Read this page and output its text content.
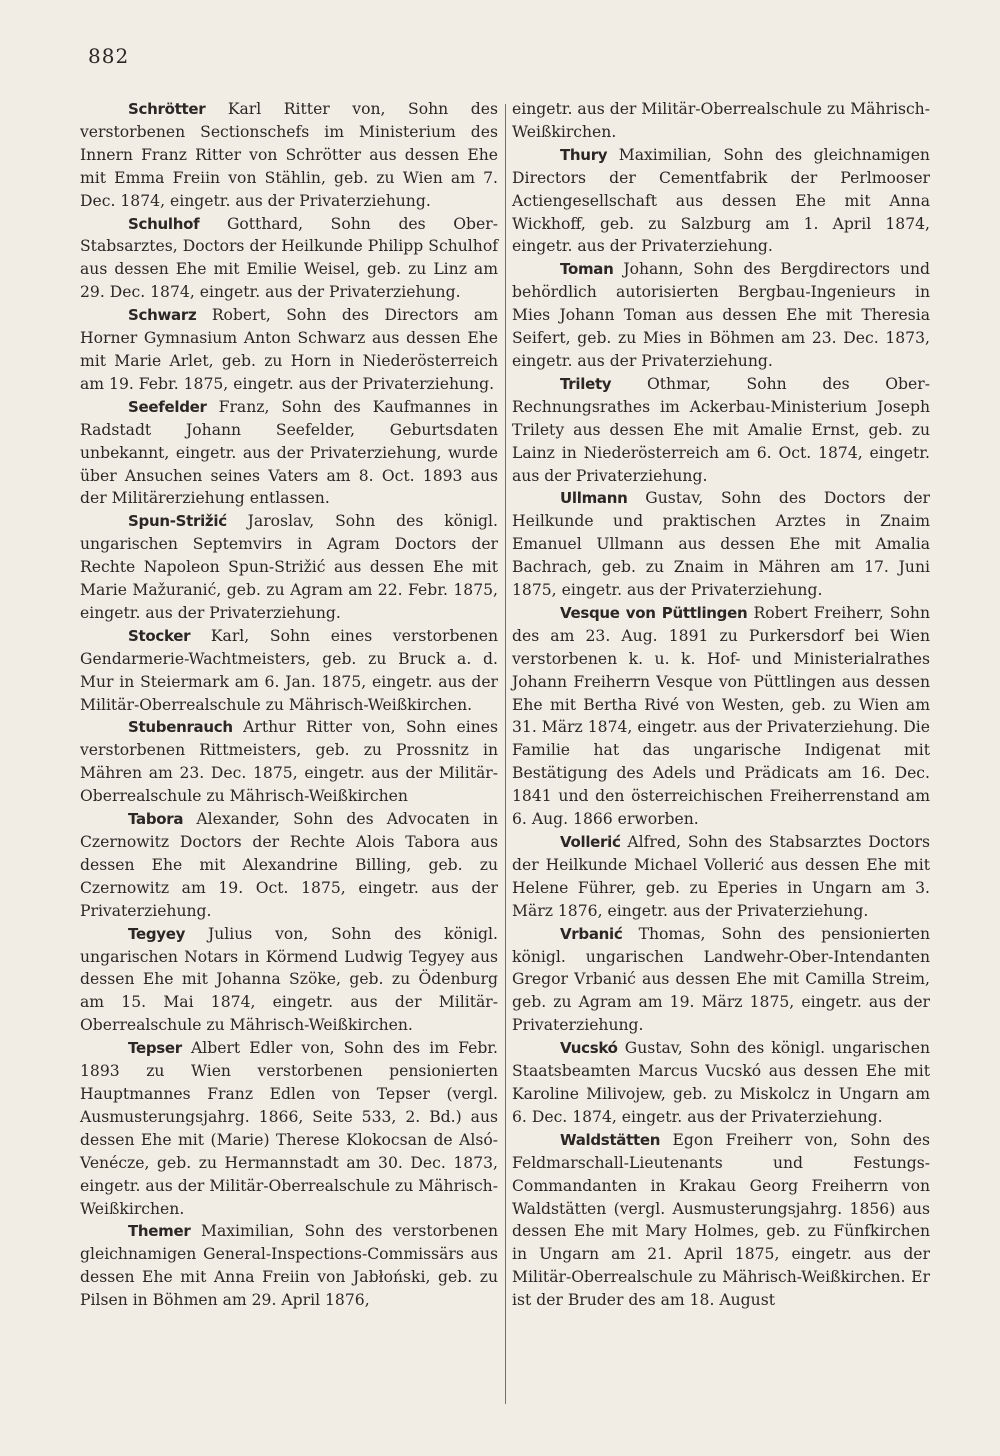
882

Schrötter Karl Ritter von, Sohn des verstorbenen Sectionschefs im Ministerium des Innern Franz Ritter von Schrötter aus dessen Ehe mit Emma Freiin von Stählin, geb. zu Wien am 7. Dec. 1874, eingetr. aus der Privaterziehung.

Schulhof Gotthard, Sohn des Ober-Stabsarztes, Doctors der Heilkunde Philipp Schulhof aus dessen Ehe mit Emilie Weisel, geb. zu Linz am 29. Dec. 1874, eingetr. aus der Privaterziehung.

Schwarz Robert, Sohn des Directors am Horner Gymnasium Anton Schwarz aus dessen Ehe mit Marie Arlet, geb. zu Horn in Niederösterreich am 19. Febr. 1875, eingetr. aus der Privaterziehung.

Seefelder Franz, Sohn des Kaufmannes in Radstadt Johann Seefelder, Geburtsdaten unbekannt, eingetr. aus der Privaterziehung, wurde über Ansuchen seines Vaters am 8. Oct. 1893 aus der Militärerziehung entlassen.

Spun-Strižić Jaroslav, Sohn des königl. ungarischen Septemvirs in Agram Doctors der Rechte Napoleon Spun-Strižić aus dessen Ehe mit Marie Mažuranić, geb. zu Agram am 22. Febr. 1875, eingetr. aus der Privaterziehung.

Stocker Karl, Sohn eines verstorbenen Gendarmerie-Wachtmeisters, geb. zu Bruck a. d. Mur in Steiermark am 6. Jan. 1875, eingetr. aus der Militär-Oberrealschule zu Mährisch-Weißkirchen.

Stubenrauch Arthur Ritter von, Sohn eines verstorbenen Rittmeisters, geb. zu Prossnitz in Mähren am 23. Dec. 1875, eingetr. aus der Militär-Oberrealschule zu Mährisch-Weißkirchen

Tabora Alexander, Sohn des Advocaten in Czernowitz Doctors der Rechte Alois Tabora aus dessen Ehe mit Alexandrine Billing, geb. zu Czernowitz am 19. Oct. 1875, eingetr. aus der Privaterziehung.

Tegyey Julius von, Sohn des königl. ungarischen Notars in Körmend Ludwig Tegyey aus dessen Ehe mit Johanna Szöke, geb. zu Ödenburg am 15. Mai 1874, eingetr. aus der Militär-Oberrealschule zu Mährisch-Weißkirchen.

Tepser Albert Edler von, Sohn des im Febr. 1893 zu Wien verstorbenen pensionierten Hauptmannes Franz Edlen von Tepser (vergl. Ausmusterungsjahrg. 1866, Seite 533, 2. Bd.) aus dessen Ehe mit (Marie) Therese Klokocsan de Alsó-Venécze, geb. zu Hermannstadt am 30. Dec. 1873, eingetr. aus der Militär-Oberrealschule zu Mährisch-Weißkirchen.

Themer Maximilian, Sohn des verstorbenen gleichnamigen General-Inspections-Commissärs aus dessen Ehe mit Anna Freiin von Jabłoński, geb. zu Pilsen in Böhmen am 29. April 1876,

eingetr. aus der Militär-Oberrealschule zu Mährisch-Weißkirchen.

Thury Maximilian, Sohn des gleichnamigen Directors der Cementfabrik der Perlmooser Actiengesellschaft aus dessen Ehe mit Anna Wickhoff, geb. zu Salzburg am 1. April 1874, eingetr. aus der Privaterziehung.

Toman Johann, Sohn des Bergdirectors und behördlich autorisierten Bergbau-Ingenieurs in Mies Johann Toman aus dessen Ehe mit Theresia Seifert, geb. zu Mies in Böhmen am 23. Dec. 1873, eingetr. aus der Privaterziehung.

Trilety Othmar, Sohn des Ober-Rechnungsrathes im Ackerbau-Ministerium Joseph Trilety aus dessen Ehe mit Amalie Ernst, geb. zu Lainz in Niederösterreich am 6. Oct. 1874, eingetr. aus der Privaterziehung.

Ullmann Gustav, Sohn des Doctors der Heilkunde und praktischen Arztes in Znaim Emanuel Ullmann aus dessen Ehe mit Amalia Bachrach, geb. zu Znaim in Mähren am 17. Juni 1875, eingetr. aus der Privaterziehung.

Vesque von Püttlingen Robert Freiherr, Sohn des am 23. Aug. 1891 zu Purkersdorf bei Wien verstorbenen k. u. k. Hof- und Ministerialrathes Johann Freiherrn Vesque von Püttlingen aus dessen Ehe mit Bertha Rivé von Westen, geb. zu Wien am 31. März 1874, eingetr. aus der Privaterziehung. Die Familie hat das ungarische Indigenat mit Bestätigung des Adels und Prädicats am 16. Dec. 1841 und den österreichischen Freiherrenstand am 6. Aug. 1866 erworben.

Vollerić Alfred, Sohn des Stabsarztes Doctors der Heilkunde Michael Vollerić aus dessen Ehe mit Helene Führer, geb. zu Eperies in Ungarn am 3. März 1876, eingetr. aus der Privaterziehung.

Vrbanić Thomas, Sohn des pensionierten königl. ungarischen Landwehr-Ober-Intendanten Gregor Vrbanić aus dessen Ehe mit Camilla Streim, geb. zu Agram am 19. März 1875, eingetr. aus der Privaterziehung.

Vucskó Gustav, Sohn des königl. ungarischen Staatsbeamten Marcus Vucskó aus dessen Ehe mit Karoline Milivojew, geb. zu Miskolcz in Ungarn am 6. Dec. 1874, eingetr. aus der Privaterziehung.

Waldstätten Egon Freiherr von, Sohn des Feldmarschall-Lieutenants und Festungs-Commandanten in Krakau Georg Freiherrn von Waldstätten (vergl. Ausmusterungsjahrg. 1856) aus dessen Ehe mit Mary Holmes, geb. zu Fünfkirchen in Ungarn am 21. April 1875, eingetr. aus der Militär-Oberrealschule zu Mährisch-Weißkirchen. Er ist der Bruder des am 18. August
